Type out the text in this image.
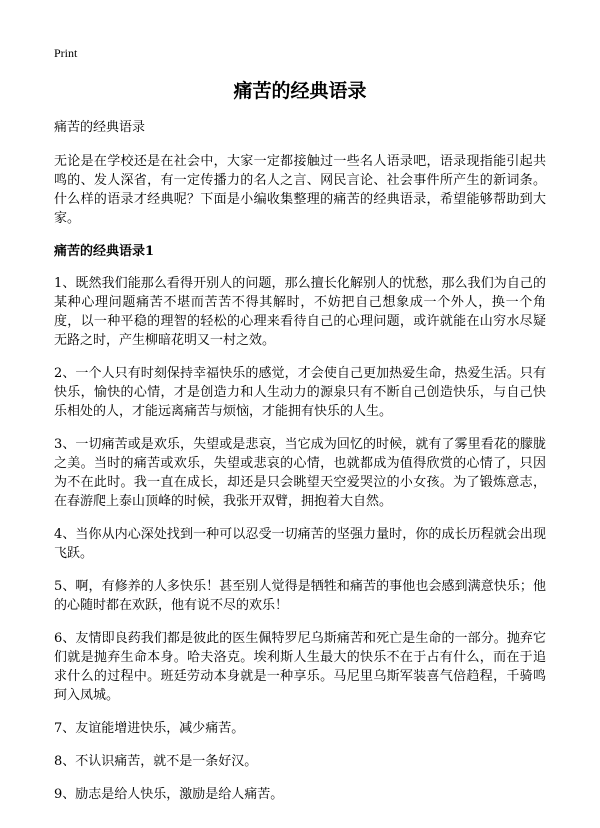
Print
痛苦的经典语录
痛苦的经典语录
无论是在学校还是在社会中，大家一定都接触过一些名人语录吧，语录现指能引起共鸣的、发人深省，有一定传播力的名人之言、网民言论、社会事件所产生的新词条。什么样的语录才经典呢？下面是小编收集整理的痛苦的经典语录，希望能够帮助到大家。
痛苦的经典语录1
1、既然我们能那么看得开别人的问题，那么擅长化解别人的忧愁，那么我们为自己的某种心理问题痛苦不堪而苦苦不得其解时，不妨把自己想象成一个外人，换一个角度，以一种平稳的理智的轻松的心理来看待自己的心理问题，或许就能在山穷水尽疑无路之时，产生柳暗花明又一村之效。
2、一个人只有时刻保持幸福快乐的感觉，才会使自己更加热爱生命，热爱生活。只有快乐，愉快的心情，才是创造力和人生动力的源泉只有不断自己创造快乐，与自己快乐相处的人，才能远离痛苦与烦恼，才能拥有快乐的人生。
3、一切痛苦或是欢乐，失望或是悲哀，当它成为回忆的时候，就有了雾里看花的朦胧之美。当时的痛苦或欢乐，失望或悲哀的心情，也就都成为值得欣赏的心情了，只因为不在此时。我一直在成长，却还是只会眺望天空爱哭泣的小女孩。为了锻炼意志，在春游爬上泰山顶峰的时候，我张开双臂，拥抱着大自然。
4、当你从内心深处找到一种可以忍受一切痛苦的坚强力量时，你的成长历程就会出现飞跃。
5、啊，有修养的人多快乐！甚至别人觉得是牺牲和痛苦的事他也会感到满意快乐；他的心随时都在欢跃，他有说不尽的欢乐！
6、友情即良药我们都是彼此的医生佩特罗尼乌斯痛苦和死亡是生命的一部分。抛弃它们就是抛弃生命本身。哈夫洛克。埃利斯人生最大的快乐不在于占有什么，而在于追求什么的过程中。班廷劳动本身就是一种享乐。马尼里乌斯军装喜气倍趋程，千骑鸣珂入凤城。
7、友谊能增进快乐，减少痛苦。
8、不认识痛苦，就不是一条好汉。
9、励志是给人快乐，激励是给人痛苦。
